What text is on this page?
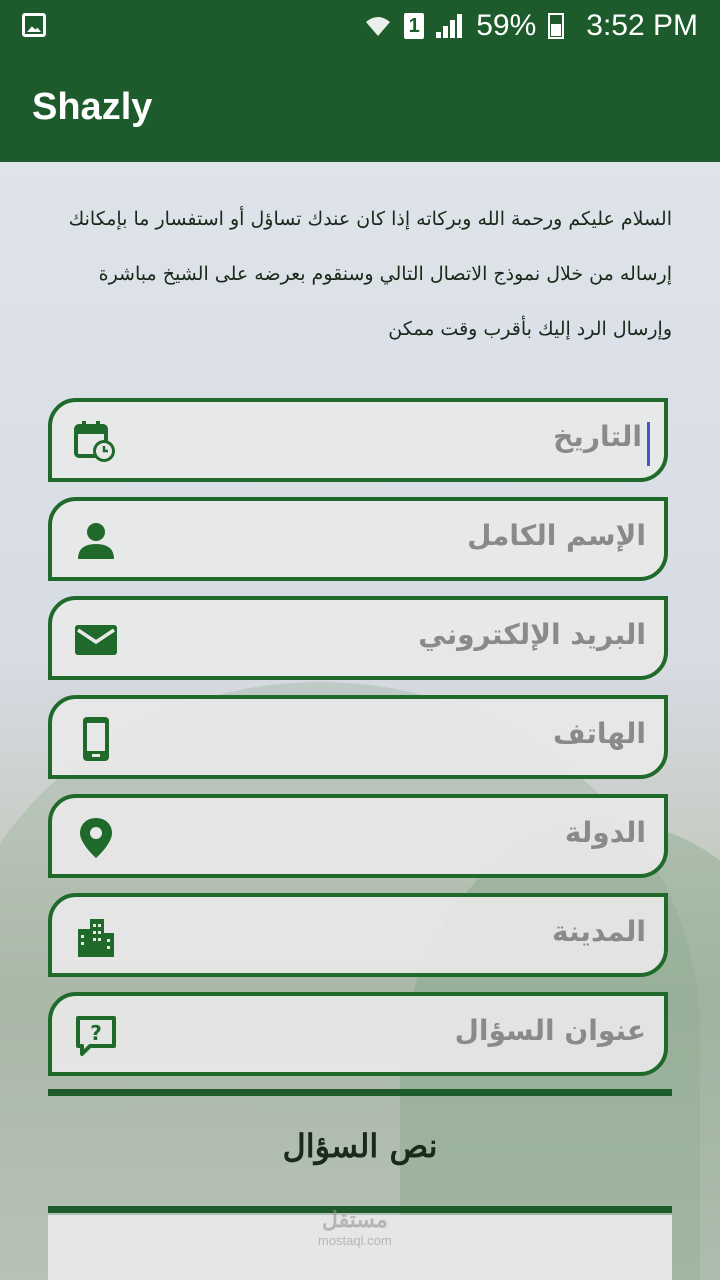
1 59% 3:52 PM
Shazly
السلام عليكم ورحمة الله وبركاته إذا كان عندك تساؤل أو استفسار ما بإمكانك إرساله من خلال نموذج الاتصال التالي وسنقوم بعرضه على الشيخ مباشرة وإرسال الرد إليك بأقرب وقت ممكن
التاريخ
الإسم الكامل
البريد الإلكتروني
الهاتف
الدولة
المدينة
عنوان السؤال
?
نص السؤال
مستقل
mostaql.com
